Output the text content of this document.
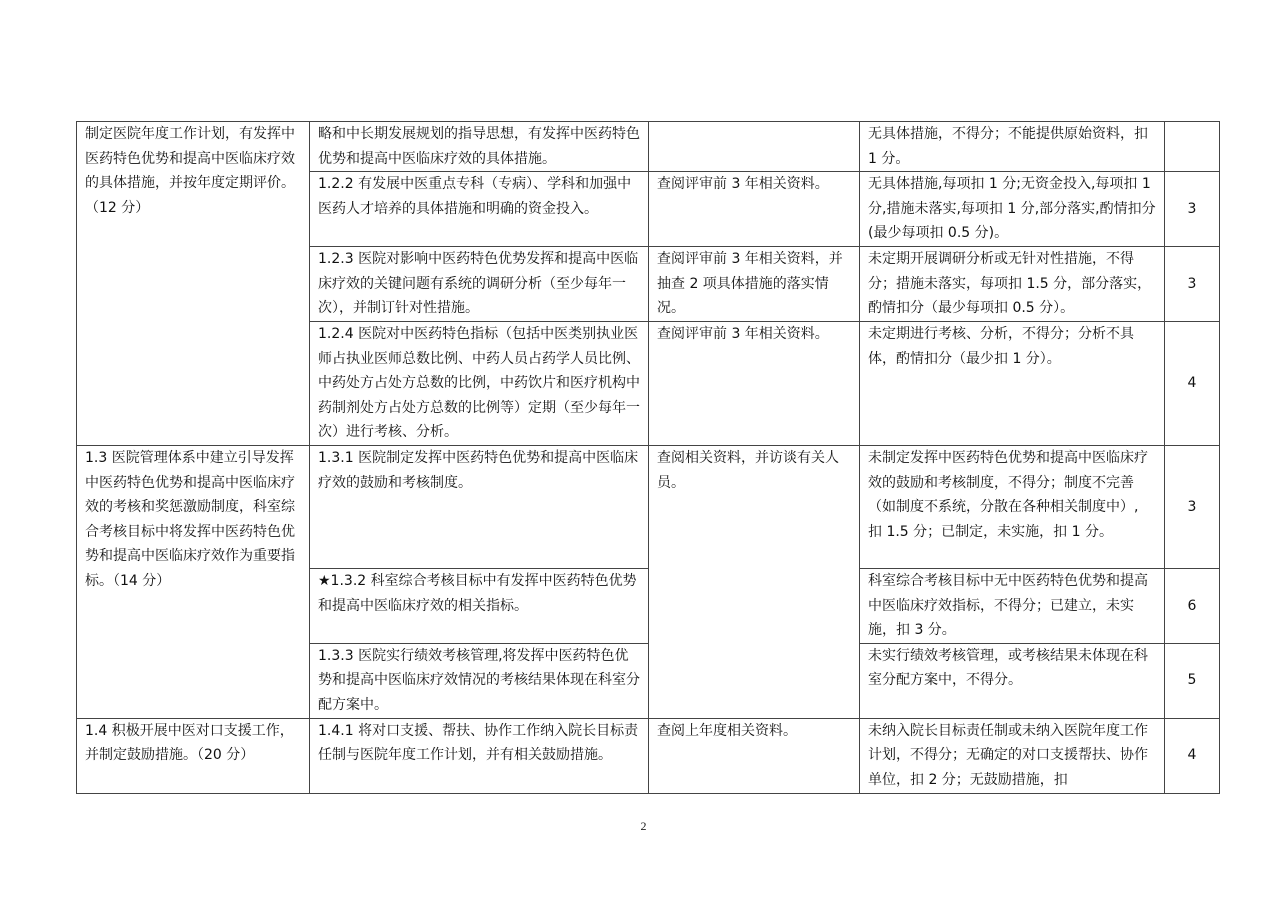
制定医院年度工作计划，有发挥中医药特色优势和提高中医临床疗效的具体措施，并按年度定期评价。（12 分）	略和中长期发展规划的指导思想，有发挥中医药特色优势和提高中医临床疗效的具体措施。		无具体措施，不得分；不能提供原始资料，扣 1 分。	
	1.2.2 有发展中医重点专科（专病）、学科和加强中医药人才培养的具体措施和明确的资金投入。	查阅评审前 3 年相关资料。	无具体措施,每项扣 1 分;无资金投入,每项扣 1 分,措施未落实,每项扣 1 分,部分落实,酌情扣分(最少每项扣 0.5 分)。	3
	1.2.3 医院对影响中医药特色优势发挥和提高中医临床疗效的关键问题有系统的调研分析（至少每年一次），并制订针对性措施。	查阅评审前 3 年相关资料，并抽查 2 项具体措施的落实情况。	未定期开展调研分析或无针对性措施，不得分；措施未落实，每项扣 1.5 分，部分落实，酌情扣分（最少每项扣 0.5 分）。	3
	1.2.4 医院对中医药特色指标（包括中医类别执业医师占执业医师总数比例、中药人员占药学人员比例、中药处方占处方总数的比例，中药饮片和医疗机构中药制剂处方占处方总数的比例等）定期（至少每年一次）进行考核、分析。	查阅评审前 3 年相关资料。	未定期进行考核、分析，不得分；分析不具体，酌情扣分（最少扣 1 分）。	4
1.3 医院管理体系中建立引导发挥中医药特色优势和提高中医临床疗效的考核和奖惩激励制度，科室综合考核目标中将发挥中医药特色优势和提高中医临床疗效作为重要指标。（14 分）	1.3.1 医院制定发挥中医药特色优势和提高中医临床疗效的鼓励和考核制度。	查阅相关资料，并访谈有关人员。	未制定发挥中医药特色优势和提高中医临床疗效的鼓励和考核制度，不得分；制度不完善（如制度不系统，分散在各种相关制度中）, 扣 1.5 分；已制定，未实施，扣 1 分。	3
	★1.3.2 科室综合考核目标中有发挥中医药特色优势和提高中医临床疗效的相关指标。		科室综合考核目标中无中医药特色优势和提高中医临床疗效指标，不得分；已建立，未实施，扣 3 分。	6
	1.3.3 医院实行绩效考核管理,将发挥中医药特色优势和提高中医临床疗效情况的考核结果体现在科室分配方案中。		未实行绩效考核管理，或考核结果未体现在科室分配方案中，不得分。	5
1.4 积极开展中医对口支援工作，并制定鼓励措施。（20 分）	1.4.1 将对口支援、帮扶、协作工作纳入院长目标责任制与医院年度工作计划，并有相关鼓励措施。	查阅上年度相关资料。	未纳入院长目标责任制或未纳入医院年度工作计划，不得分；无确定的对口支援帮扶、协作单位，扣 2 分；无鼓励措施，扣	4
2
